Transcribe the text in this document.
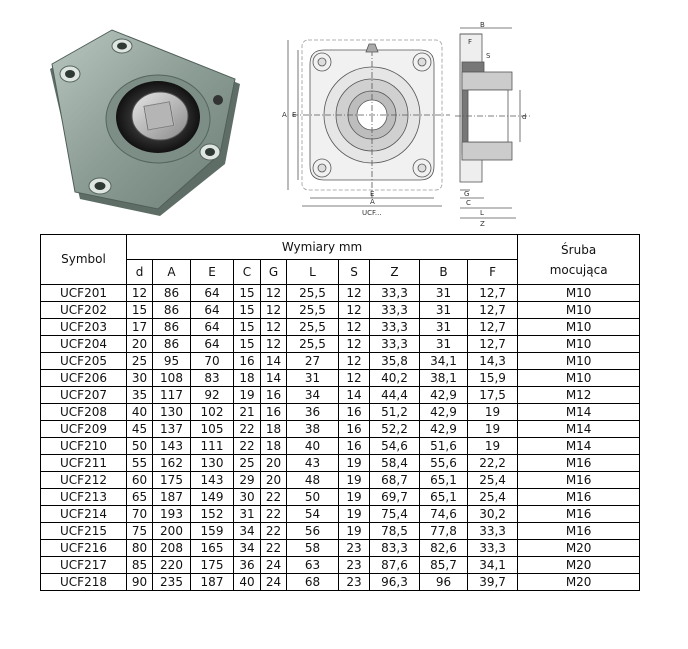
A E
E
A
UCF...
B
F
d
S
G
C
L
Z
Symbol	Wymiary mm										Śruba
mocująca

	d	A	E	C	G	L	S	Z	B	F	
UCF201	12	86	64	15	12	25,5	12	33,3	31	12,7	M10
UCF202	15	86	64	15	12	25,5	12	33,3	31	12,7	M10
UCF203	17	86	64	15	12	25,5	12	33,3	31	12,7	M10
UCF204	20	86	64	15	12	25,5	12	33,3	31	12,7	M10
UCF205	25	95	70	16	14	27	12	35,8	34,1	14,3	M10
UCF206	30	108	83	18	14	31	12	40,2	38,1	15,9	M10
UCF207	35	117	92	19	16	34	14	44,4	42,9	17,5	M12
UCF208	40	130	102	21	16	36	16	51,2	42,9	19	M14
UCF209	45	137	105	22	18	38	16	52,2	42,9	19	M14
UCF210	50	143	111	22	18	40	16	54,6	51,6	19	M14
UCF211	55	162	130	25	20	43	19	58,4	55,6	22,2	M16
UCF212	60	175	143	29	20	48	19	68,7	65,1	25,4	M16
UCF213	65	187	149	30	22	50	19	69,7	65,1	25,4	M16
UCF214	70	193	152	31	22	54	19	75,4	74,6	30,2	M16
UCF215	75	200	159	34	22	56	19	78,5	77,8	33,3	M16
UCF216	80	208	165	34	22	58	23	83,3	82,6	33,3	M20
UCF217	85	220	175	36	24	63	23	87,6	85,7	34,1	M20
UCF218	90	235	187	40	24	68	23	96,3	96	39,7	M20
